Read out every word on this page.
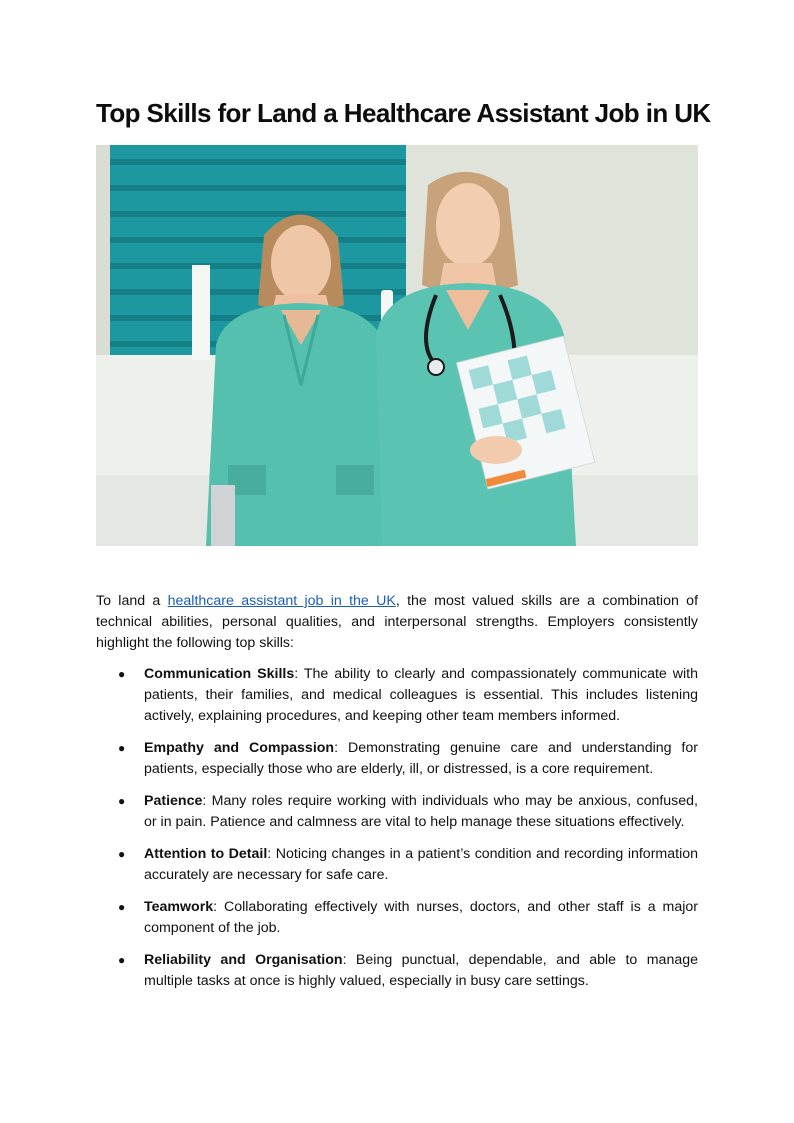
Top Skills for Land a Healthcare Assistant Job in UK

To land a healthcare assistant job in the UK, the most valued skills are a combination of technical abilities, personal qualities, and interpersonal strengths. Employers consistently highlight the following top skills:

● Communication Skills: The ability to clearly and compassionately communicate with patients, their families, and medical colleagues is essential. This includes listening actively, explaining procedures, and keeping other team members informed.
● Empathy and Compassion: Demonstrating genuine care and understanding for patients, especially those who are elderly, ill, or distressed, is a core requirement.
● Patience: Many roles require working with individuals who may be anxious, confused, or in pain. Patience and calmness are vital to help manage these situations effectively.
● Attention to Detail: Noticing changes in a patient’s condition and recording information accurately are necessary for safe care.
● Teamwork: Collaborating effectively with nurses, doctors, and other staff is a major component of the job.
● Reliability and Organisation: Being punctual, dependable, and able to manage multiple tasks at once is highly valued, especially in busy care settings.
